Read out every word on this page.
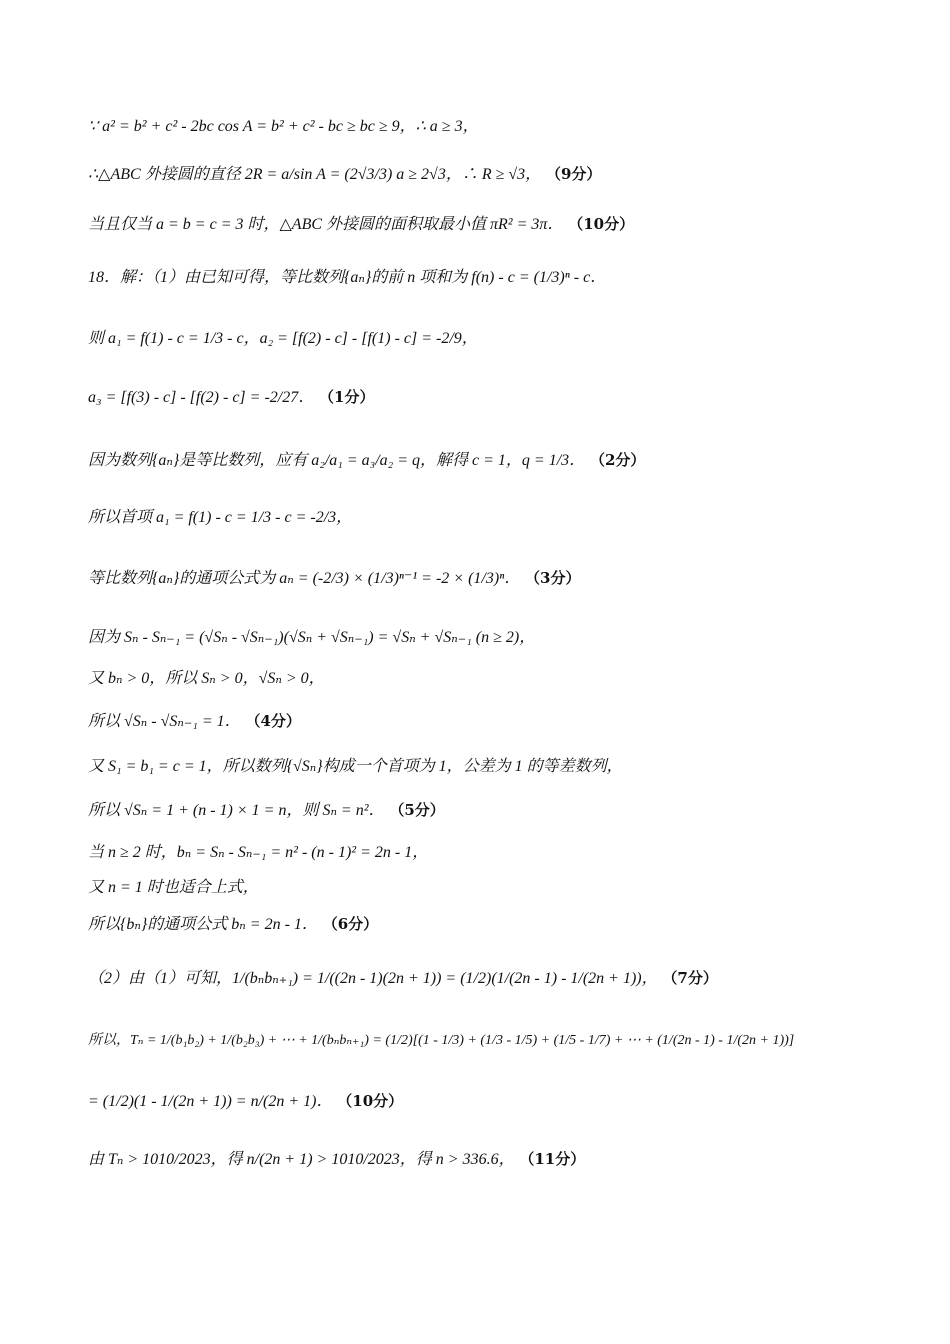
∵ a² = b² + c² - 2bc cos A = b² + c² - bc ≥ bc ≥ 9，∴ a ≥ 3，
∴△ABC 外接圆的直径 2R = a/sin A = (2√3/3) a ≥ 2√3，∴ R ≥ √3， （9分）
当且仅当 a = b = c = 3 时，△ABC 外接圆的面积取最小值 πR² = 3π． （10分）
18．解：（1）由已知可得，等比数列{aₙ}的前 n 项和为 f(n) - c = (1/3)ⁿ - c．
则 a₁ = f(1) - c = 1/3 - c，a₂ = [f(2) - c] - [f(1) - c] = -2/9，
a₃ = [f(3) - c] - [f(2) - c] = -2/27． （1分）
因为数列{aₙ}是等比数列，应有 a₂/a₁ = a₃/a₂ = q，解得 c = 1，q = 1/3． （2分）
所以首项 a₁ = f(1) - c = 1/3 - c = -2/3，
等比数列{aₙ}的通项公式为 aₙ = (-2/3) × (1/3)ⁿ⁻¹ = -2 × (1/3)ⁿ． （3分）
因为 Sₙ - Sₙ₋₁ = (√Sₙ - √Sₙ₋₁)(√Sₙ + √Sₙ₋₁) = √Sₙ + √Sₙ₋₁ (n ≥ 2)，
又 bₙ > 0，所以 Sₙ > 0，√Sₙ > 0，
所以 √Sₙ - √Sₙ₋₁ = 1． （4分）
又 S₁ = b₁ = c = 1，所以数列{√Sₙ}构成一个首项为 1，公差为 1 的等差数列，
所以 √Sₙ = 1 + (n - 1) × 1 = n，则 Sₙ = n²． （5分）
当 n ≥ 2 时，bₙ = Sₙ - Sₙ₋₁ = n² - (n - 1)² = 2n - 1，
又 n = 1 时也适合上式，
所以{bₙ}的通项公式 bₙ = 2n - 1． （6分）
（2）由（1）可知，1/(bₙbₙ₊₁) = 1/((2n - 1)(2n + 1)) = (1/2)(1/(2n - 1) - 1/(2n + 1))， （7分）
所以，Tₙ = 1/(b₁b₂) + 1/(b₂b₃) + ⋯ + 1/(bₙbₙ₊₁) = (1/2)[(1 - 1/3) + (1/3 - 1/5) + (1/5 - 1/7) + ⋯ + (1/(2n - 1) - 1/(2n + 1))]
= (1/2)(1 - 1/(2n + 1)) = n/(2n + 1)． （10分）
由 Tₙ > 1010/2023，得 n/(2n + 1) > 1010/2023，得 n > 336.6， （11分）
